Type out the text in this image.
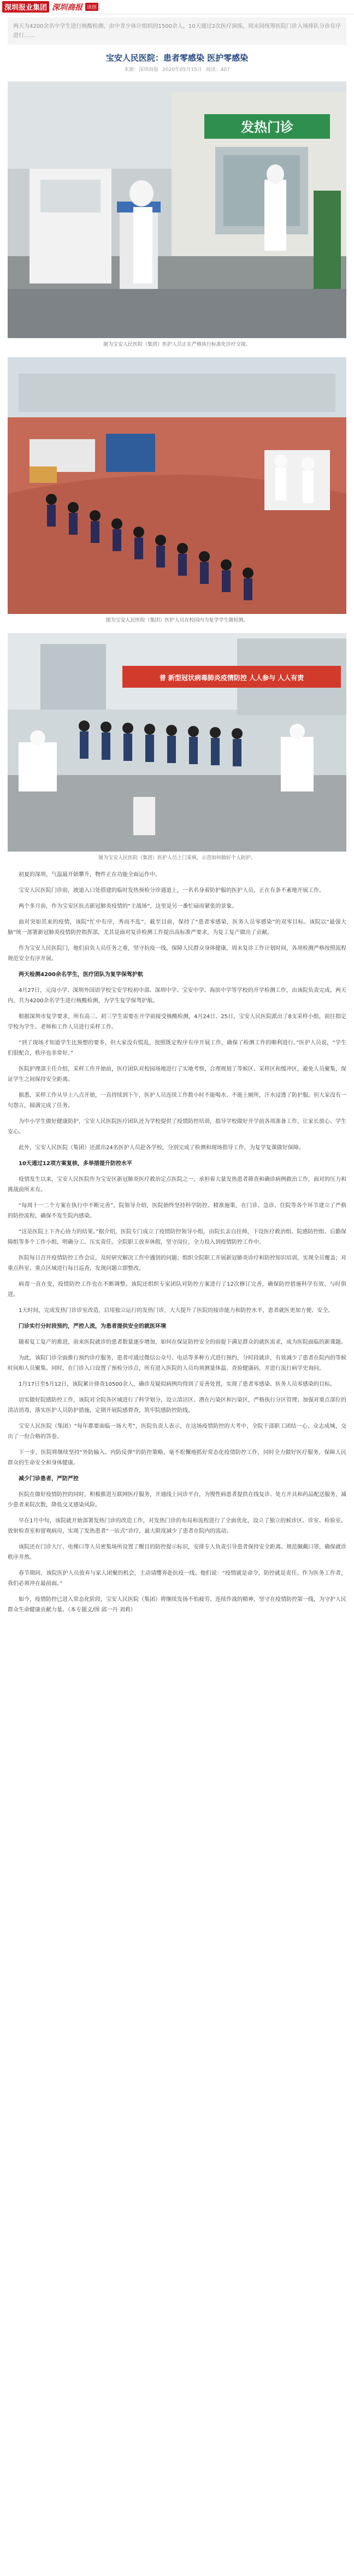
深圳报业集团 深圳商报 读创
两天为4200余名中学生进行核酸检测，由中青少体计组织的1500余人，10天通过2次医疗演练，周末间统筹医院门诊入场排队分诊有序进行……
宝安人民医院：患者零感染 医护零感染
来源：深圳商报 2020年05月15日 阅读：407
发热门诊
图为宝安人民医院（集团）医护人员正在严格执行标准化诊疗交接。
图为宝安人民医院（集团）医护人员在校园内为复学学生做检测。
普 新型冠状病毒肺炎疫情防控 人人参与 人人有责
图为宝安人民医院（集团）医护人员上门采核，示范如何做好个人防护。

初夏的深圳，气温最开始攀升，物件正在功能全面运作中。

宝安人民医院门诊前，坡道入口处搭建的临时发热预检分诊通道上，一名名身着防护服的医护人员，正在有条不紊地开展工作。

两个多月前，作为宝安区抗击新冠肺炎疫情的“主战场”，这里是另一番忙碌而紧张的景象。

面对突如其来的疫情，该院“忙中有序，秀而不乱”，截至目前，保持了“患者零感染，医务人员零感染”的双零目标。该院以“最强大脑”统一部署新冠肺炎疫情防控指挥部，尤其是面对复诊检测工作提出高标准严要求，为复工复产做出了贡献。

作为宝安人民医院门，他们肩负人员任务之重，坚守抗疫一线，保障人民群众身体健康，周末复诊工作计划时间，各项检测严格按照流程规范安全有序开展。

两天检测4200余名学生，医疗团队为复学保驾护航

4月27日，元岗小学、深圳外国语学校宝安学校初中部、深圳中学、宝安中学、海滨中学等学校的开学检测工作，由该院负责完成。两天内，共为4200余名学生进行核酸检测，为学生复学保驾护航。

根据深圳市复学要求，所有高三、初三学生需要在开学前接受核酸检测，4月24日、25日，宝安人民医院派出了8支采样小组，前往指定学校为学生、老师和工作人员进行采样工作。

“到了现场才知道学生比预想的要多，但大家没有慌乱，按照既定程序有序开展工作，确保了检测工作的顺利进行。”医护人员说，“学生们很配合，秩序也非常好。”

医院护理部主任介绍，采样工作开始前，医疗团队对校园场地进行了实地考察，合理规划了等候区、采样区和缓冲区，避免人员聚集，保证学生之间保持安全距离。

据悉，采样工作从早上八点开始，一直持续到下午，医护人员连续工作数小时不能喝水、不能上厕所，汗水浸透了防护服。但大家没有一句怨言，圆满完成了任务。

为中小学生做好健康防护，宝安人民医院医疗团队还为学校提供了疫情防控培训，指导学校做好开学前各项准备工作，让家长放心、学生安心。

此外，宝安人民医院（集团）还派出24名医护人员赴各学校，分别完成了检测和现场指导工作，为复学复课做好保障。

10天通过12项方案复核，多举措提升防控水平

疫情发生以来，宝安人民医院作为宝安区新冠肺炎医疗救治定点医院之一，承担着大量发热患者筛查和确诊病例救治工作，面对的压力和挑战前所未有。

“每周十一二个方案在执行中不断完善”，院领导介绍，医院始终坚持科学防控、精准施策，在门诊、急诊、住院等各个环节建立了严格的防控流程，确保不发生院内感染。

“这是医院上下齐心协力的结果。”据介绍，医院专门成立了疫情防控领导小组，由院长亲自挂帅，下设医疗救治组、院感防控组、后勤保障组等多个工作小组，明确分工、压实责任。全院职工放弃休假，坚守岗位，全力投入到疫情防控工作中。

医院每日召开疫情防控工作会议，及时研究解决工作中遇到的问题；组织全院职工开展新冠肺炎诊疗和防控知识培训，实现全员覆盖；对重点科室、重点区域进行每日巡查，发现问题立即整改。

病毒一直在变，疫情防控工作也在不断调整。该院还组织专家团队对防控方案进行了12次修订完善，确保防控措施科学有效、与时俱进。

1天时间，完成发热门诊诊室改造，启用独立运行的发热门诊，大大提升了医院的接诊能力和防控水平，患者就医更加方便、安全。

门诊实行分时段预约，严控人流，为患者提供安全的就医环境

随着复工复产的推进，前来医院就诊的患者数量逐步增加，如何在保证防控安全的前提下满足群众的就医需求，成为医院面临的新课题。

为此，该院门诊全面推行预约诊疗服务，患者可通过微信公众号、电话等多种方式进行预约，分时段就诊，有效减少了患者在院内的等候时间和人员聚集。同时，在门诊入口设置了预检分诊点，所有进入医院的人员均须测量体温、查验健康码，并进行流行病学史询问。

1月17日至5月12日，该院累计排查10500余人，确诊及疑似病例均得到了妥善处置，实现了患者零感染、医务人员零感染的目标。

切实做好院感防控工作，该院对全院各区域进行了科学划分，设立清洁区、潜在污染区和污染区，严格执行分区管理；加强对重点部位的清洁消毒，落实医护人员防护措施，定期开展院感督查，筑牢院感防控防线。

宝安人民医院（集团）“每年都要面临一场大考”，医院负责人表示，在这场疫情防控的大考中，全院干部职工团结一心、众志成城，交出了一份合格的答卷。

下一步，医院将继续坚持“外防输入、内防反弹”的防控策略，毫不松懈地抓好常态化疫情防控工作，同时全力做好医疗服务，保障人民群众的生命安全和身体健康。

减少门诊患者，严防严控

医院在做好疫情防控的同时，积极推进互联网医疗服务，开通线上问诊平台，为慢性病患者提供在线复诊、处方开具和药品配送服务，减少患者来院次数，降低交叉感染风险。

早在1月中旬，该院就开始部署发热门诊的改造工作，对发热门诊的布局和流程进行了全面优化，设立了独立的候诊区、诊室、检验室、放射检查室和留观病房，实现了发热患者“一站式”诊疗，最大限度减少了患者在院内的流动。

该院还在门诊大厅、电梯口等人员密集场所设置了醒目的防控提示标识，安排专人负责引导患者保持安全距离、规范佩戴口罩，确保就诊秩序井然。

春节期间，该院医护人员放弃与家人团聚的机会，主动请缨奔赴抗疫一线。他们说：“疫情就是命令，防控就是责任。作为医务工作者，我们必须冲在最前面。”

如今，疫情防控已进入常态化阶段，宝安人民医院（集团）将继续发扬不怕疲劳、连续作战的精神，坚守在疫情防控第一线，为守护人民群众生命健康贡献力量。（本专题文/图 邱一丹 刘莉）
